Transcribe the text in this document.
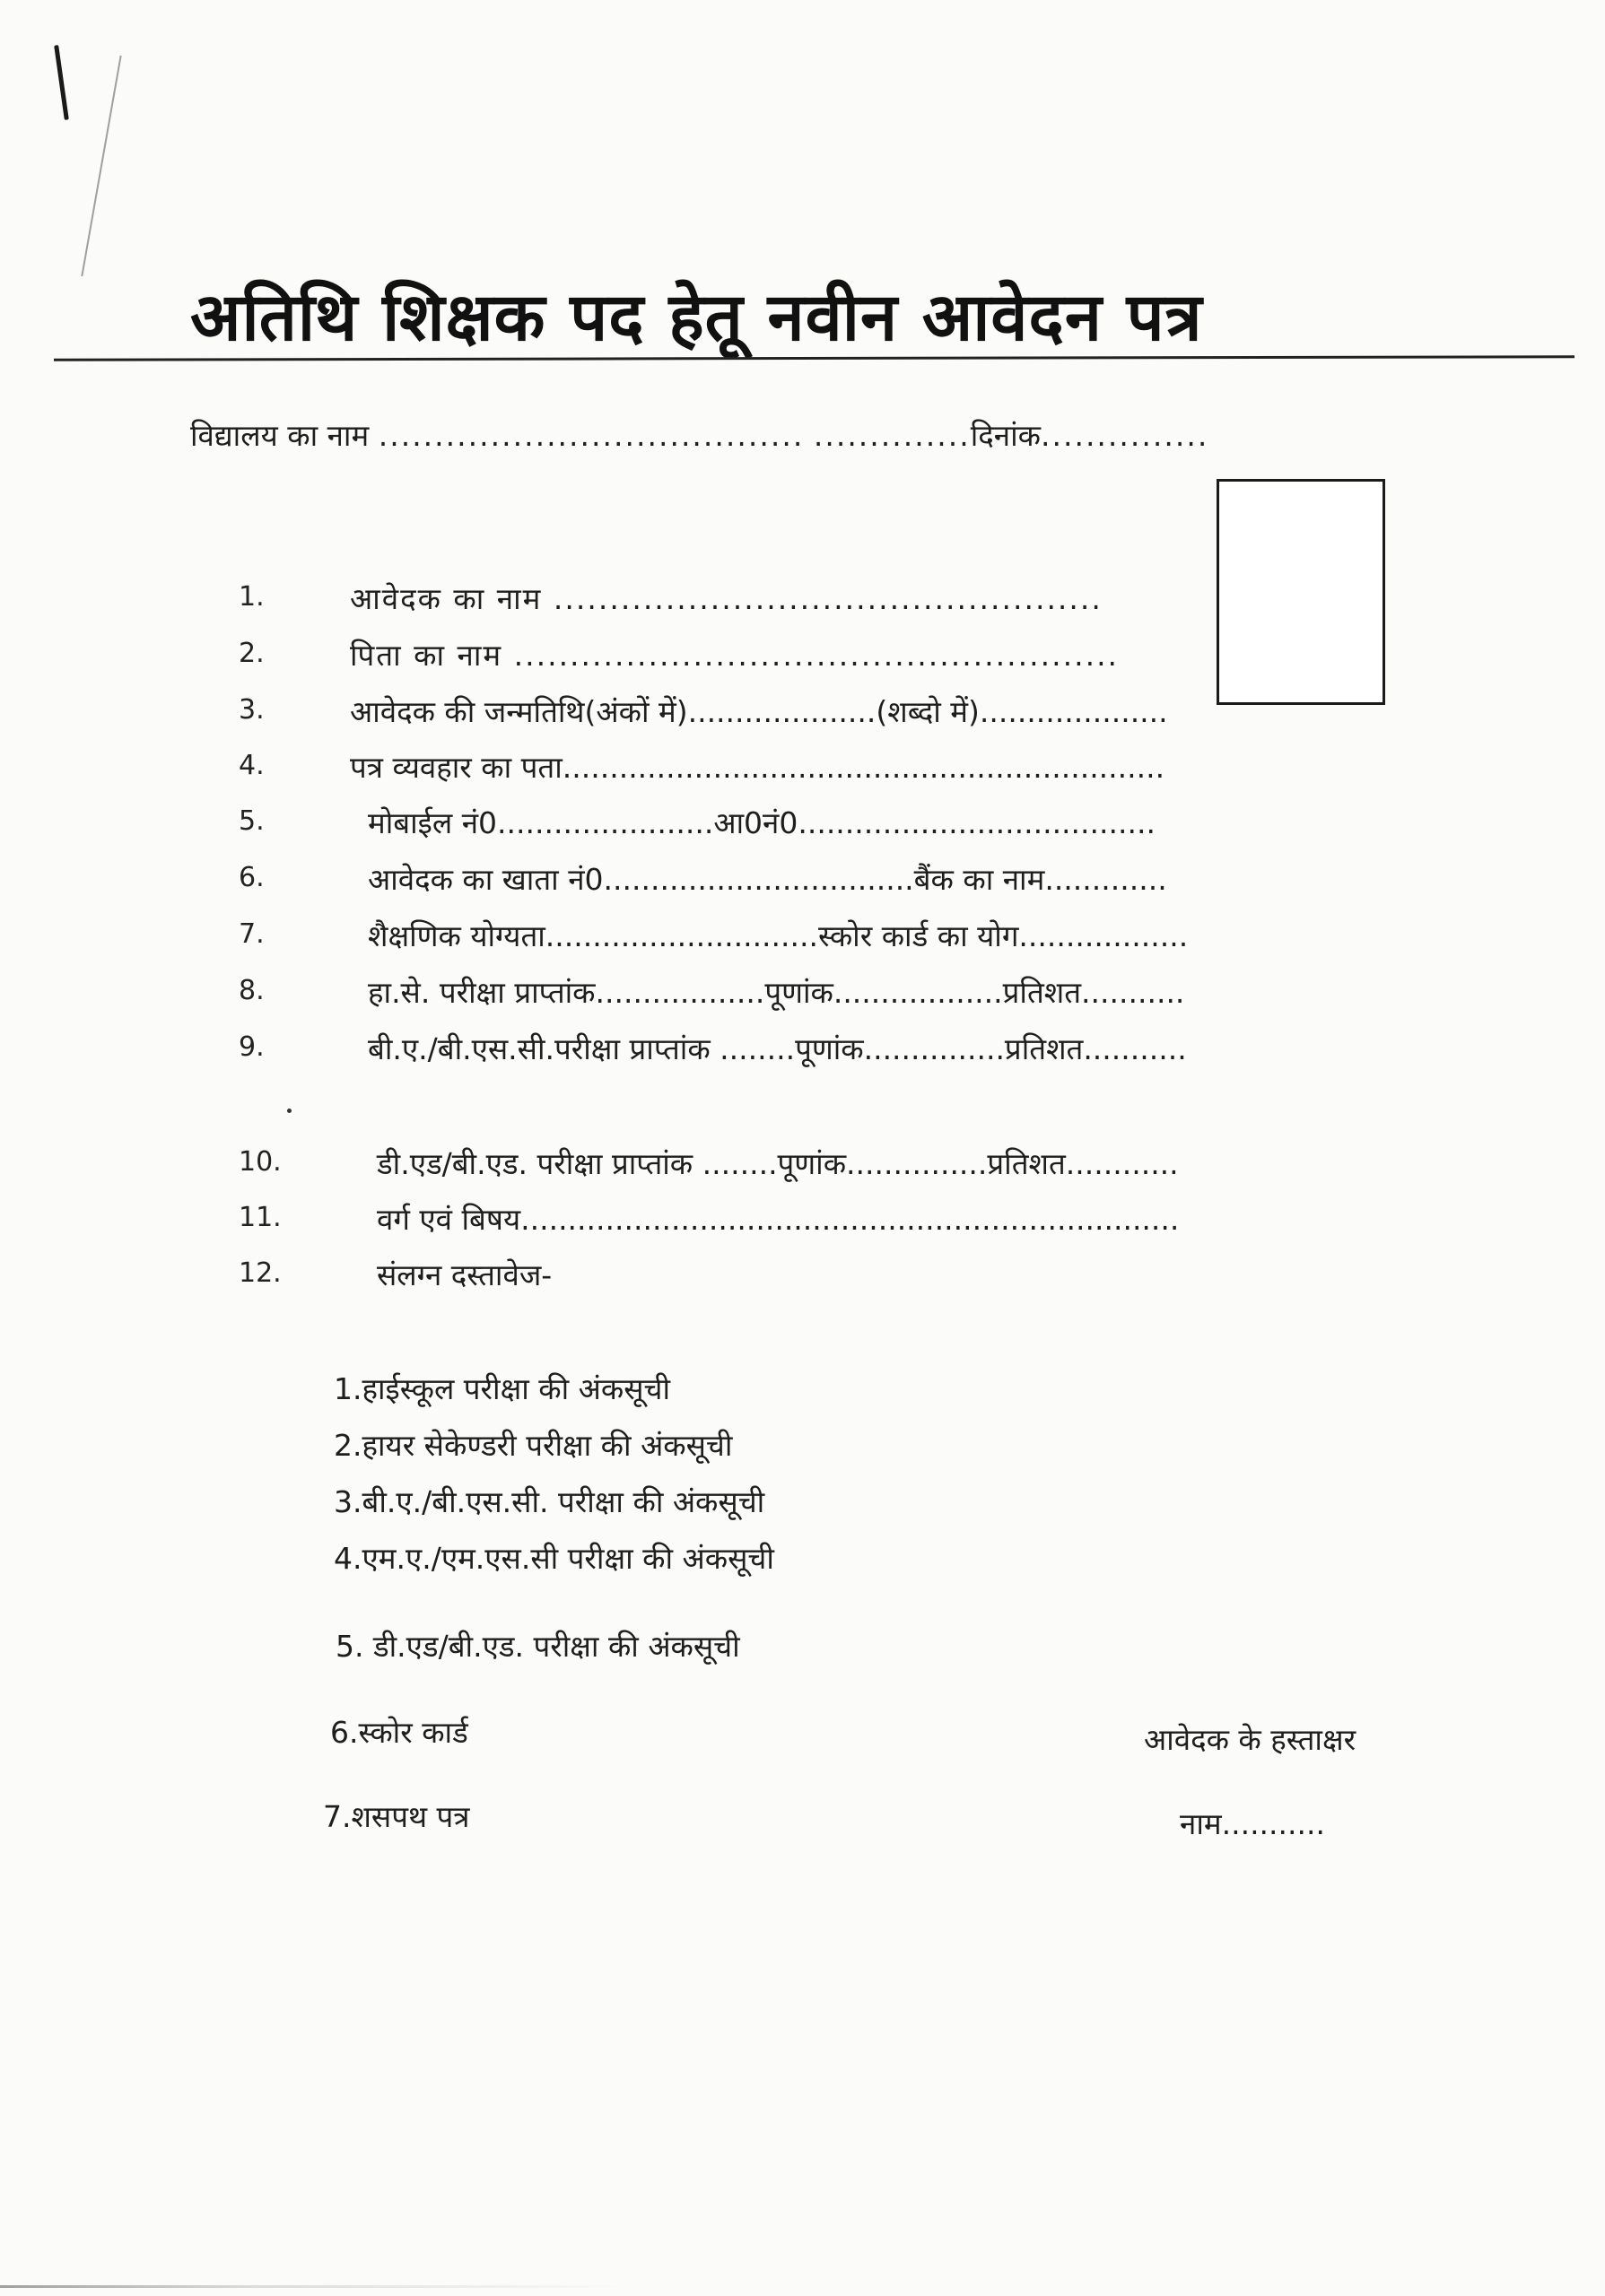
अतिथि शिक्षक पद हेतू नवीन आवेदन पत्र
विद्यालय का नाम ...................................... ..............दिनांक...............
1.	आवेदक का नाम .................................................
2.	पिता का नाम ......................................................
3.	आवेदक की जन्मतिथि(अंकों में)....................(शब्दो में)....................
4.	पत्र व्यवहार का पता................................................................
5.	मोबाईल नं0.......................आ0नं0......................................
6.	आवेदक का खाता नं0.................................बैंक का नाम.............
7.	शैक्षणिक योग्यता.............................स्कोर कार्ड का योग..................
8.	हा.से. परीक्षा प्राप्तांक..................पूणांक..................प्रतिशत...........
9.	बी.ए./बी.एस.सी.परीक्षा प्राप्तांक ........पूणांक...............प्रतिशत...........
10.	डी.एड/बी.एड. परीक्षा प्राप्तांक ........पूणांक...............प्रतिशत............
11.	वर्ग एवं बिषय......................................................................
12.	संलग्न दस्तावेज-
1.हाईस्कूल परीक्षा की अंकसूची
2.हायर सेकेण्डरी परीक्षा की अंकसूची
3.बी.ए./बी.एस.सी. परीक्षा की अंकसूची
4.एम.ए./एम.एस.सी परीक्षा की अंकसूची
5. डी.एड/बी.एड. परीक्षा की अंकसूची
6.स्कोर कार्ड
7.शसपथ पत्र
आवेदक के हस्ताक्षर
नाम...........
